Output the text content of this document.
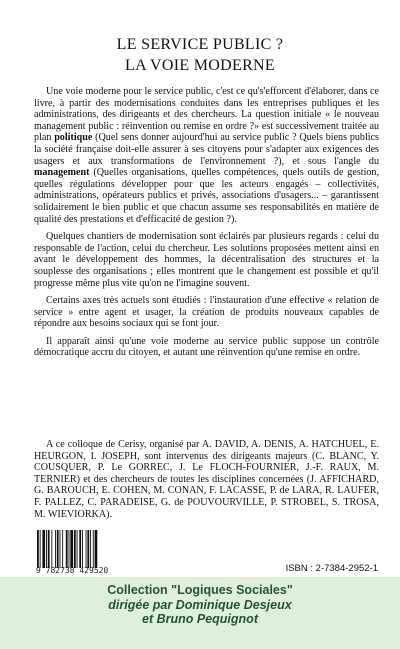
LE SERVICE PUBLIC ?
LA VOIE MODERNE

Une voie moderne pour le service public, c'est ce qu's'efforcent d'élaborer, dans ce livre, à partir des modernisations conduites dans les entreprises publiques et les administrations, des dirigeants et des chercheurs. La question initiale « le nouveau management public : réinvention ou remise en ordre ?» est successivement traitée au plan politique (Quel sens donner aujourd'hui au service public ? Quels biens publics la société française doit-elle assurer à ses citoyens pour s'adapter aux exigences des usagers et aux transformations de l'environnement ?), et sous l'angle du management (Quelles organisations, quelles compétences, quels outils de gestion, quelles régulations développer pour que les acteurs engagés – collectivités, administrations, opérateurs publics et privés, associations d'usagers... – garantissent solidairement le bien public et que chacun assume ses responsabilités en matière de qualité des prestations et d'efficacité de gestion ?).

Quelques chantiers de modernisation sont éclairés par plusieurs regards : celui du responsable de l'action, celui du chercheur. Les solutions proposées mettent ainsi en avant le développement des hommes, la décentralisation des structures et la souplesse des organisations ; elles montrent que le changement est possible et qu'il progresse même plus vite qu'on ne l'imagine souvent.

Certains axes très actuels sont étudiés : l'instauration d'une effective « relation de service » entre agent et usager, la création de produits nouveaux capables de répondre aux besoins sociaux qui se font jour.

Il apparaît ainsi qu'une voie moderne au service public suppose un contrôle démocratique accru du citoyen, et autant une réinvention qu'une remise en ordre.

A ce colloque de Cerisy, organisé par A. DAVID, A. DENIS, A. HATCHUEL, E. HEURGON, I. JOSEPH, sont intervenus des dirigeants majeurs (C. BLANC, Y. COUSQUER, P. Le GORREC, J. Le FLOCH-FOURNIER, J.-F. RAUX, M. TERNIER) et des chercheurs de toutes les disciplines concernées (J. AFFICHARD, G. BAROUCH, E. COHEN, M. CONAN, F. LACASSE, P. de LARA, R. LAUFER, F. PALLEZ, C. PARADEISE, G. de POUVOURVILLE, P. STROBEL, S. TROSA, M. WIEVIORKA).

9 782738 429520	ISBN : 2-7384-2952-1
Collection "Logiques Sociales"
dirigée par Dominique Desjeux
et Bruno Pequignot
